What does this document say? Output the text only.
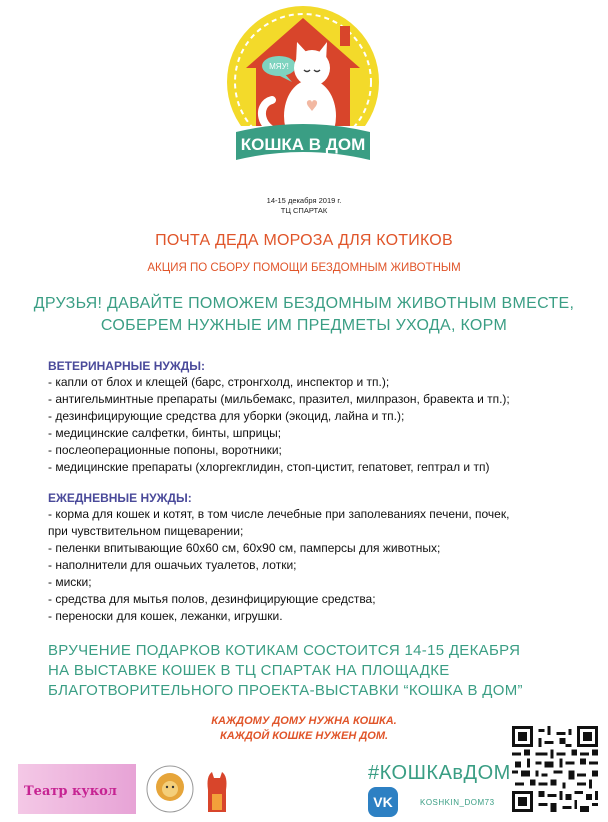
МЯУ!
КОШКА В ДОМ
14-15 декабря 2019 г.
ТЦ СПАРТАК
ПОЧТА ДЕДА МОРОЗА ДЛЯ КОТИКОВ
АКЦИЯ ПО СБОРУ ПОМОЩИ БЕЗДОМНЫМ ЖИВОТНЫМ
ДРУЗЬЯ! ДАВАЙТЕ ПОМОЖЕМ БЕЗДОМНЫМ ЖИВОТНЫМ ВМЕСТЕ,
СОБЕРЕМ НУЖНЫЕ ИМ ПРЕДМЕТЫ УХОДА, КОРМ
ВЕТЕРИНАРНЫЕ НУЖДЫ:
- капли от блох и клещей (барс, стронгхолд, инспектор и тп.);
- антигельминтные препараты (мильбемакс, празител, милпразон, бравекта и тп.);
- дезинфицирующие средства для уборки (экоцид, лайна и тп.);
- медицинские салфетки, бинты, шприцы;
- послеоперационные попоны, воротники;
- медицинские препараты (хлоргекглидин, стоп-цистит, гепатовет, гептрал и тп)
ЕЖЕДНЕВНЫЕ НУЖДЫ:
- корма для кошек и котят, в том числе лечебные при заполеваниях печени, почек,
при чувствительном пищеварении;
- пеленки впитывающие 60х60 см, 60х90 см, памперсы для животных;
- наполнители для ошачьих туалетов, лотки;
- миски;
- средства для мытья полов, дезинфицирующие средства;
- переноски для кошек, лежанки, игрушки.
ВРУЧЕНИЕ ПОДАРКОВ КОТИКАМ СОСТОИТСЯ 14-15 ДЕКАБРЯ
НА ВЫСТАВКЕ КОШЕК В ТЦ СПАРТАК НА ПЛОЩАДКЕ
БЛАГОТВОРИТЕЛЬНОГО ПРОЕКТА-ВЫСТАВКИ “КОШКА В ДОМ”
КАЖДОМУ ДОМУ НУЖНА КОШКА.
КАЖДОЙ КОШКЕ НУЖЕН ДОМ.
Театр кукол
#КОШКАвДОМ
VK	KOSHKIN_DOM73
